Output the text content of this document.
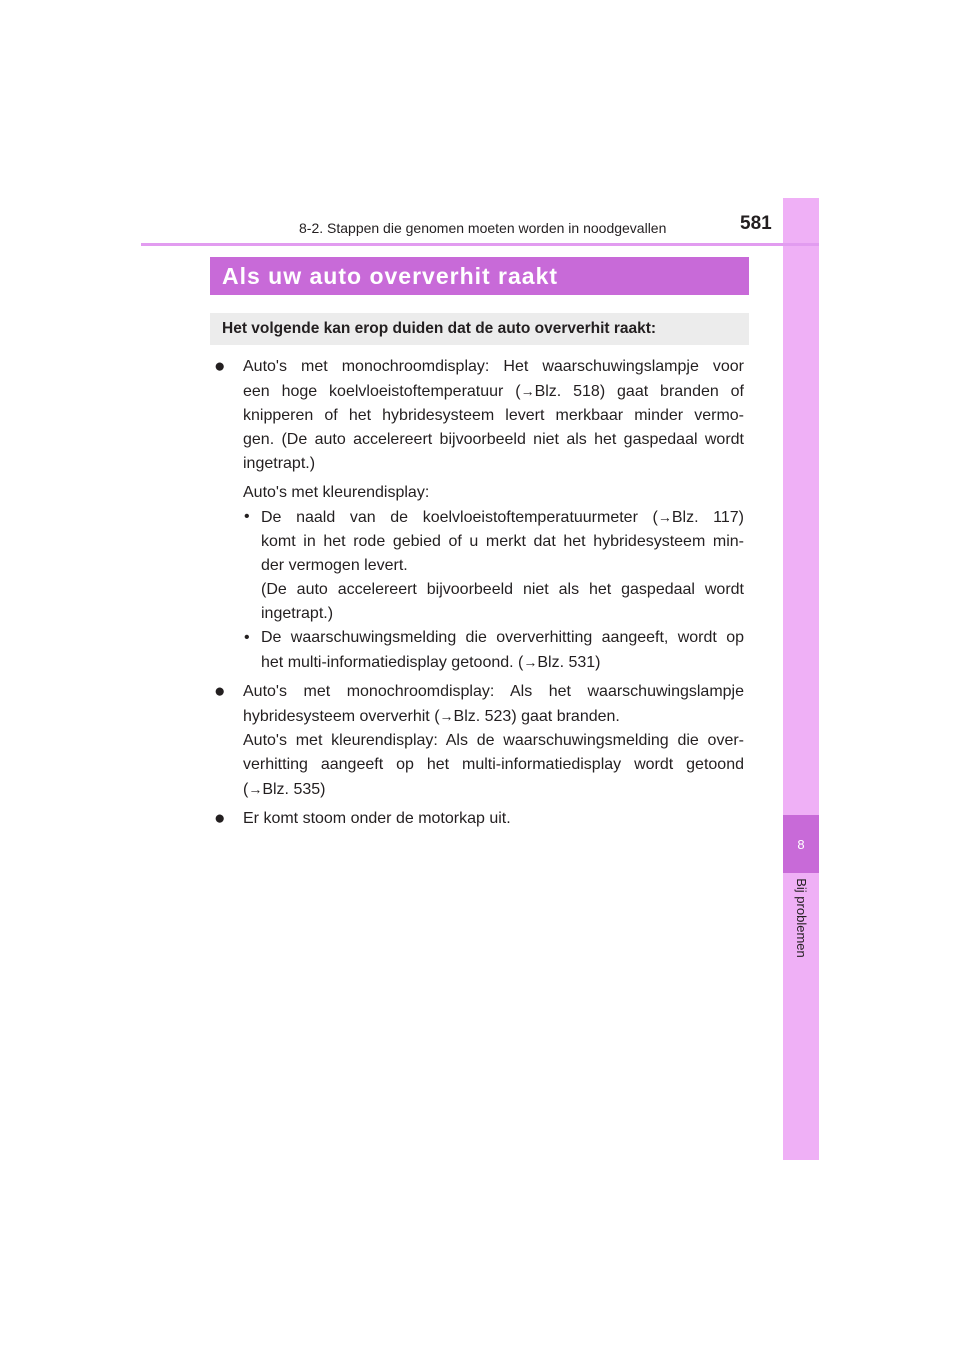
8
Bij problemen
8-2. Stappen die genomen moeten worden in noodgevallen	581
Als uw auto oververhit raakt
Het volgende kan erop duiden dat de auto oververhit raakt:
● Auto's met monochroomdisplay: Het waarschuwingslampje voor
een hoge koelvloeistoftemperatuur (→Blz. 518) gaat branden of
knipperen of het hybridesysteem levert merkbaar minder vermo-
gen. (De auto accelereert bijvoorbeeld niet als het gaspedaal wordt
ingetrapt.)
Auto's met kleurendisplay:
• De naald van de koelvloeistoftemperatuurmeter (→Blz. 117)
komt in het rode gebied of u merkt dat het hybridesysteem min-
der vermogen levert.
(De auto accelereert bijvoorbeeld niet als het gaspedaal wordt
ingetrapt.)
• De waarschuwingsmelding die oververhitting aangeeft, wordt op
het multi-informatiedisplay getoond. (→Blz. 531)
● Auto's met monochroomdisplay: Als het waarschuwingslampje
hybridesysteem oververhit (→Blz. 523) gaat branden.
Auto's met kleurendisplay: Als de waarschuwingsmelding die over-
verhitting aangeeft op het multi-informatiedisplay wordt getoond
(→Blz. 535)
● Er komt stoom onder de motorkap uit.
